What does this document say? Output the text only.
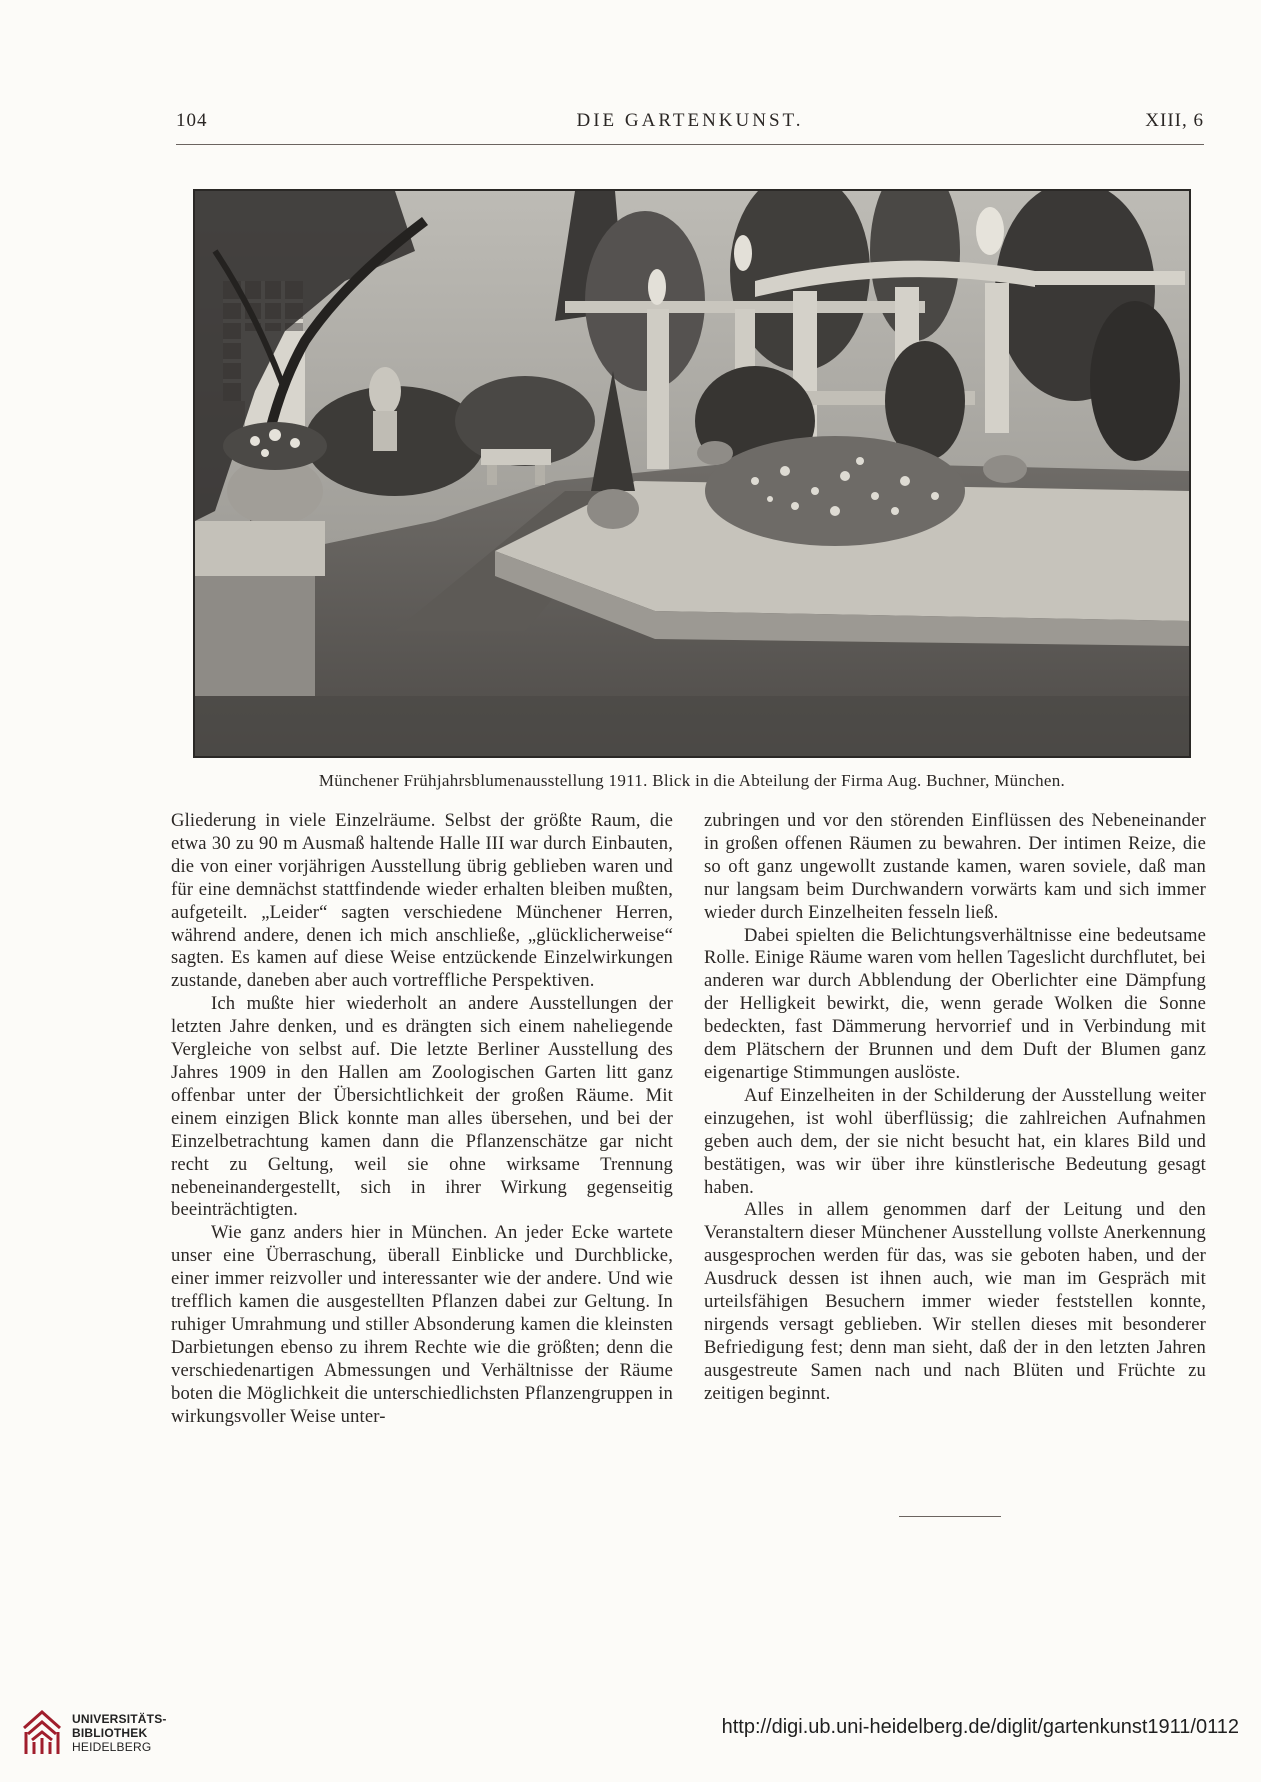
104	DIE GARTENKUNST.	XIII, 6
Münchener Frühjahrsblumenausstellung 1911. Blick in die Abteilung der Firma Aug. Buchner, München.

Gliederung in viele Einzelräume. Selbst der größte Raum, die etwa 30 zu 90 m Ausmaß haltende Halle III war durch Einbauten, die von einer vorjährigen Ausstellung übrig geblieben waren und für eine demnächst stattfindende wieder erhalten bleiben mußten, aufgeteilt. „Leider“ sagten verschiedene Münchener Herren, während andere, denen ich mich anschließe, „glücklicherweise“ sagten. Es kamen auf diese Weise entzückende Einzelwirkungen zustande, daneben aber auch vortreffliche Perspektiven.

Ich mußte hier wiederholt an andere Ausstellungen der letzten Jahre denken, und es drängten sich einem naheliegende Vergleiche von selbst auf. Die letzte Berliner Ausstellung des Jahres 1909 in den Hallen am Zoologischen Garten litt ganz offenbar unter der Übersichtlichkeit der großen Räume. Mit einem einzigen Blick konnte man alles übersehen, und bei der Einzelbetrachtung kamen dann die Pflanzenschätze gar nicht recht zu Geltung, weil sie ohne wirksame Trennung nebeneinandergestellt, sich in ihrer Wirkung gegenseitig beeinträchtigten.

Wie ganz anders hier in München. An jeder Ecke wartete unser eine Überraschung, überall Einblicke und Durchblicke, einer immer reizvoller und interessanter wie der andere. Und wie trefflich kamen die ausgestellten Pflanzen dabei zur Geltung. In ruhiger Umrahmung und stiller Absonderung kamen die kleinsten Darbietungen ebenso zu ihrem Rechte wie die größten; denn die verschiedenartigen Abmessungen und Verhältnisse der Räume boten die Möglichkeit die unterschiedlichsten Pflanzengruppen in wirkungsvoller Weise unter-

zubringen und vor den störenden Einflüssen des Nebeneinander in großen offenen Räumen zu bewahren. Der intimen Reize, die so oft ganz ungewollt zustande kamen, waren soviele, daß man nur langsam beim Durchwandern vorwärts kam und sich immer wieder durch Einzelheiten fesseln ließ.

Dabei spielten die Belichtungsverhältnisse eine bedeutsame Rolle. Einige Räume waren vom hellen Tageslicht durchflutet, bei anderen war durch Abblendung der Oberlichter eine Dämpfung der Helligkeit bewirkt, die, wenn gerade Wolken die Sonne bedeckten, fast Dämmerung hervorrief und in Verbindung mit dem Plätschern der Brunnen und dem Duft der Blumen ganz eigenartige Stimmungen auslöste.

Auf Einzelheiten in der Schilderung der Ausstellung weiter einzugehen, ist wohl überflüssig; die zahlreichen Aufnahmen geben auch dem, der sie nicht besucht hat, ein klares Bild und bestätigen, was wir über ihre künstlerische Bedeutung gesagt haben.

Alles in allem genommen darf der Leitung und den Veranstaltern dieser Münchener Ausstellung vollste Anerkennung ausgesprochen werden für das, was sie geboten haben, und der Ausdruck dessen ist ihnen auch, wie man im Gespräch mit urteilsfähigen Besuchern immer wieder feststellen konnte, nirgends versagt geblieben. Wir stellen dieses mit besonderer Befriedigung fest; denn man sieht, daß der in den letzten Jahren ausgestreute Samen nach und nach Blüten und Früchte zu zeitigen beginnt.

UNIVERSITÄTS-
BIBLIOTHEK
HEIDELBERG
http://digi.ub.uni-heidelberg.de/diglit/gartenkunst1911/0112
